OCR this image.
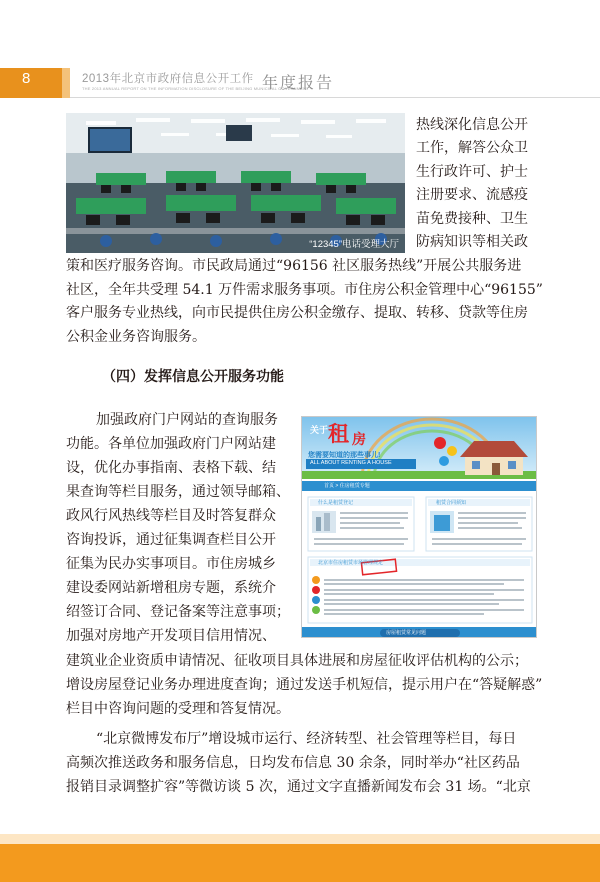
8	2013年北京市政府信息公开工作
THE 2013 ANNUAL REPORT ON THE INFORMATION DISCLOSURE OF THE BEIJING MUNICIPAL GOVERNMENT
年度报告
“12345”电话受理大厅
热线深化信息公开
工作，解答公众卫
生行政许可、护士
注册要求、流感疫
苗免费接种、卫生
防病知识等相关政
策和医疗服务咨询。市民政局通过“96156 社区服务热线”开展公共服务进
社区，全年共受理 54.1 万件需求服务事项。市住房公积金管理中心“96155”
客户服务专业热线，向市民提供住房公积金缴存、提取、转移、贷款等住房
公积金业务咨询服务。
（四）发挥信息公开服务功能
加强政府门户网站的查询服务
功能。各单位加强政府门户网站建
设，优化办事指南、表格下载、结
果查询等栏目服务，通过领导邮箱、
政风行风热线等栏目及时答复群众
咨询投诉，通过征集调查栏目公开
征集为民办实事项目。市住房城乡
建设委网站新增租房专题，系统介
绍签订合同、登记备案等注意事项；
加强对房地产开发项目信用情况、
建筑业企业资质申请情况、征收项目具体进展和房屋征收评估机构的公示；
增设房屋登记业务办理进度查询；通过发送手机短信，提示用户在“答疑解惑”
栏目中咨询问题的受理和答复情况。
“北京微博发布厅”增设城市运行、经济转型、社会管理等栏目，每日
高频次推送政务和服务信息，日均发布信息 30 余条，同时举办“社区药品
报销目录调整扩容”等微访谈 5 次，通过文字直播新闻发布会 31 场。“北京
关于 租 房
您需要知道的那些事儿!
ALL ABOUT RENTING A HOUSE
首页 > 住房租赁专题
什么是租赁登记	租赁合同须知
北京市住房租赁市场管理规定
房屋租赁常见问题
